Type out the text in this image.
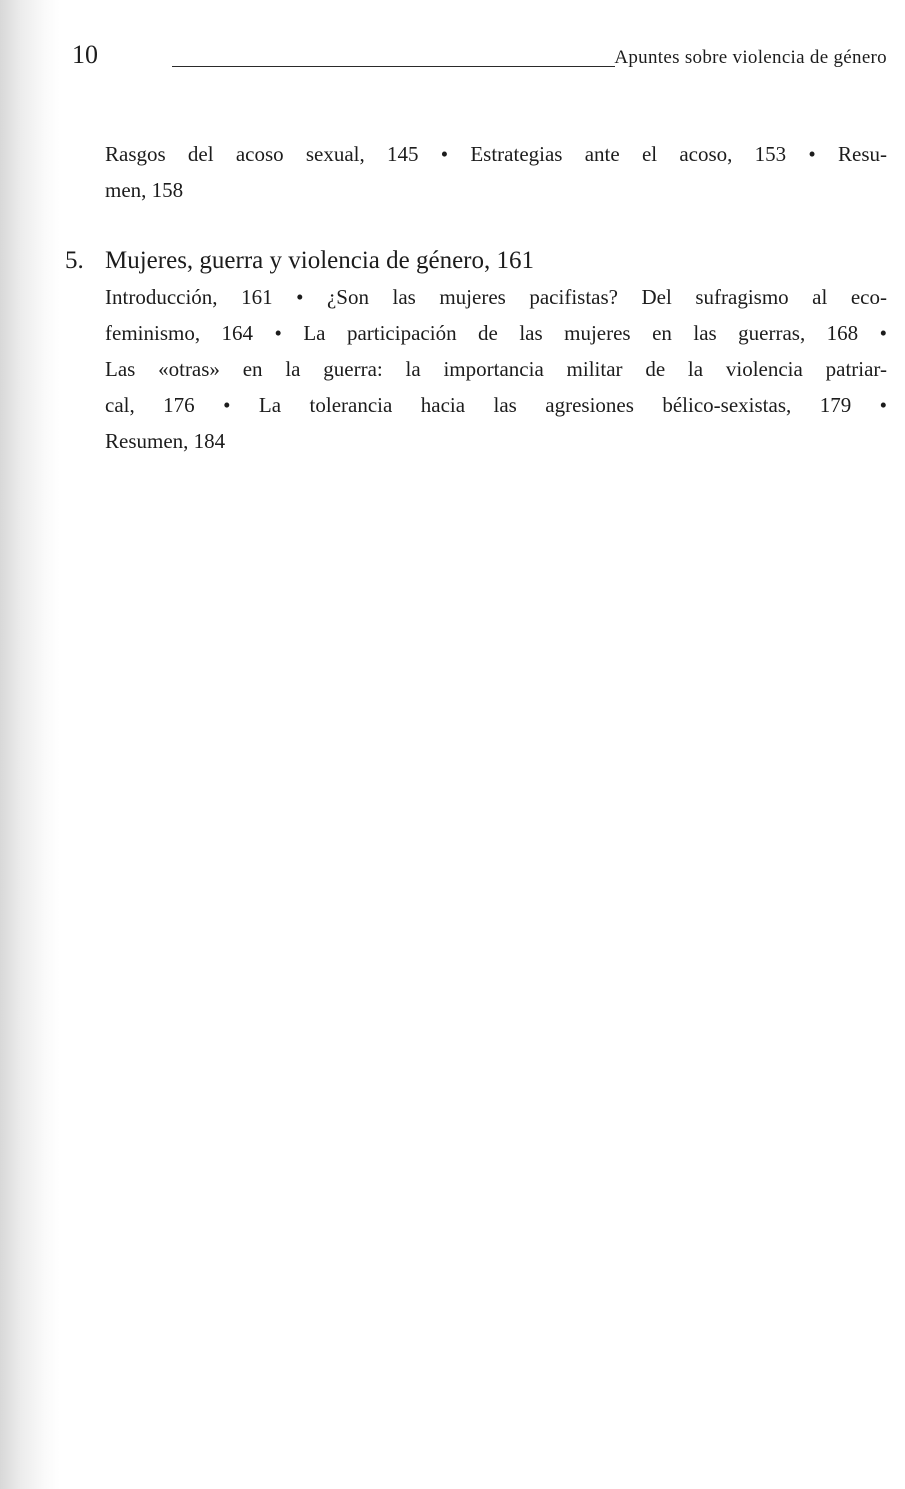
10	Apuntes sobre violencia de género
Rasgos del acoso sexual, 145 • Estrategias ante el acoso, 153 • Resu-
men, 158
5. Mujeres, guerra y violencia de género, 161
Introducción, 161 • ¿Son las mujeres pacifistas? Del sufragismo al eco-
feminismo, 164 • La participación de las mujeres en las guerras, 168 •
Las «otras» en la guerra: la importancia militar de la violencia patriar-
cal, 176 • La tolerancia hacia las agresiones bélico-sexistas, 179 •
Resumen, 184
